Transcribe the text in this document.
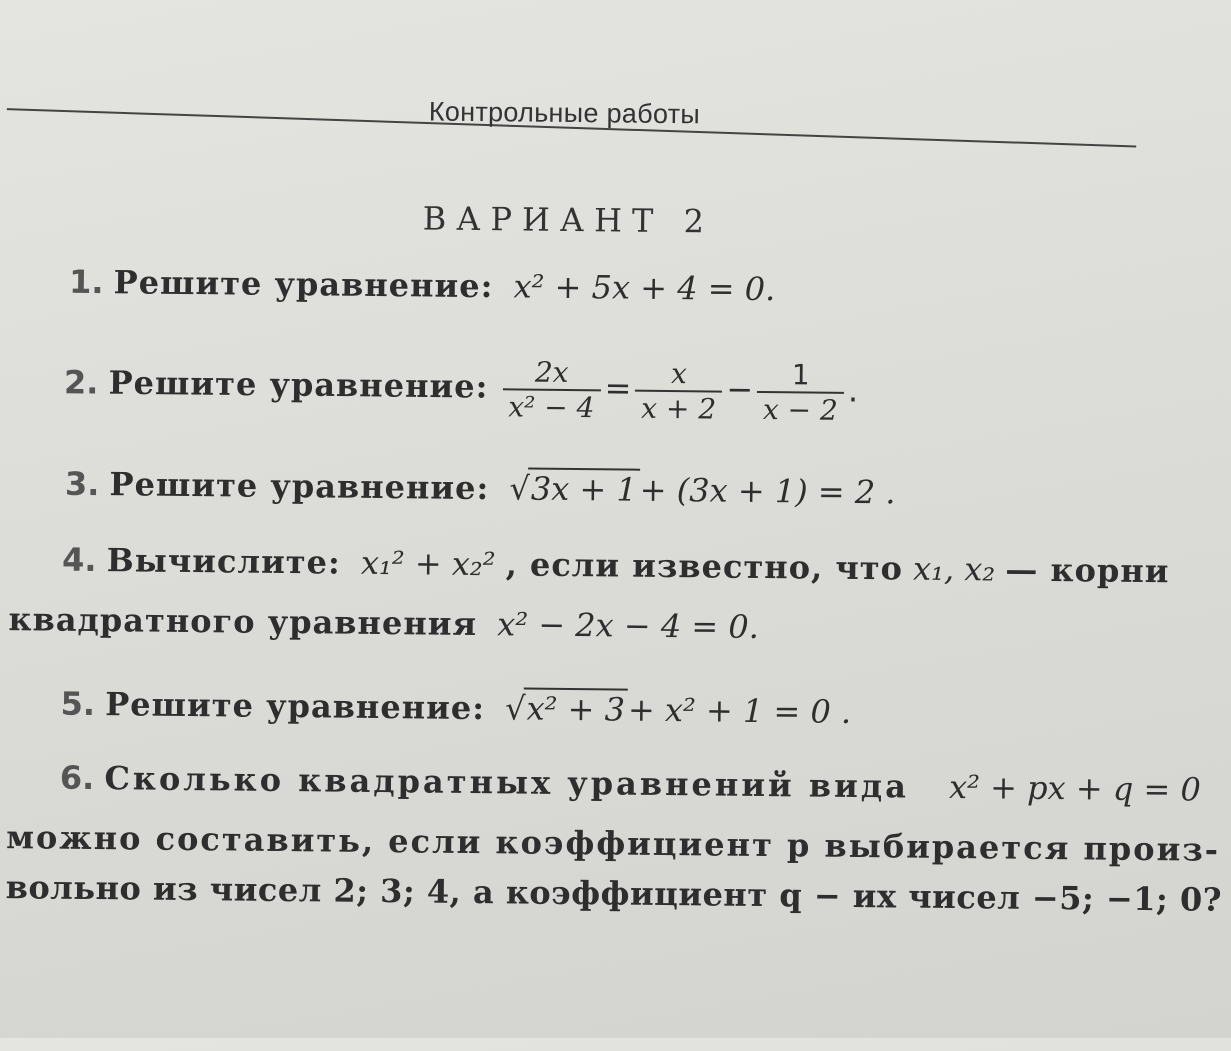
Контрольные работы
ВАРИАНТ 2
1. Решите уравнение: x² + 5x + 4 = 0.
2. Решите уравнение: $\frac{2x}{\text{x² − 4}} = \frac{x}{x + 2} - \frac{1}{x - 2}$ .
3. Решите уравнение: √3x + 1+ (3x + 1) = 2 .
4. Вычислите: x₁² + x₂² , если известно, что x₁, x₂ — корни
квадратного уравнения x² − 2x − 4 = 0.
5. Решите уравнение: √x² + 3+ x² + 1 = 0 .
6. Сколько квадратных уравнений вида x² + px + q = 0
можно составить, если коэффициент p выбирается произ-
вольно из чисел 2; 3; 4, а коэффициент q − их чисел −5; −1; 0?
